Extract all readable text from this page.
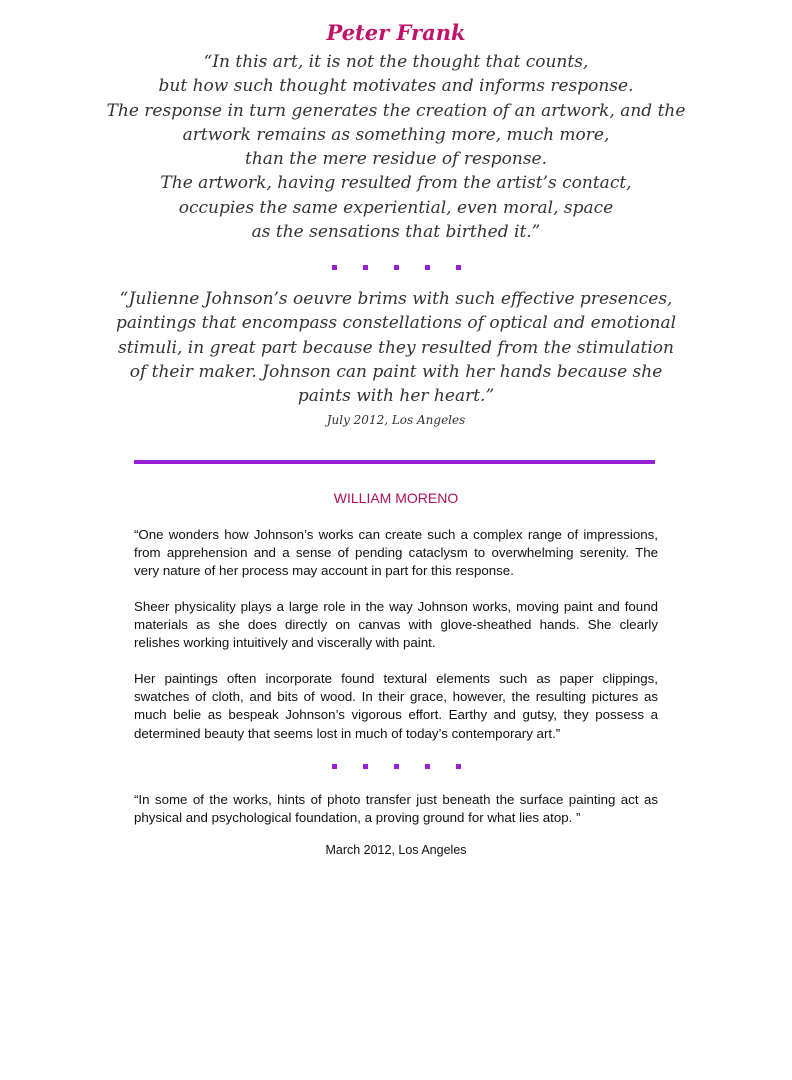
Peter Frank
“In this art, it is not the thought that counts,
but how such thought motivates and informs response.
The response in turn generates the creation of an artwork, and the
artwork remains as something more, much more,
than the mere residue of response.
The artwork, having resulted from the artist’s contact,
occupies the same experiential, even moral, space
as the sensations that birthed it.”
“Julienne Johnson’s oeuvre brims with such effective presences,
paintings that encompass constellations of optical and emotional
stimuli, in great part because they resulted from the stimulation
of their maker. Johnson can paint with her hands because she
paints with her heart.”
July 2012, Los Angeles
WILLIAM MORENO
“One wonders how Johnson’s works can create such a complex range of impressions, from apprehension and a sense of pending cataclysm to overwhelming serenity. The very nature of her process may account in part for this response.
Sheer physicality plays a large role in the way Johnson works, moving paint and found materials as she does directly on canvas with glove-sheathed hands. She clearly relishes working intuitively and viscerally with paint.
Her paintings often incorporate found textural elements such as paper clippings, swatches of cloth, and bits of wood. In their grace, however, the resulting pictures as much belie as bespeak Johnson’s vigorous effort. Earthy and gutsy, they possess a determined beauty that seems lost in much of today’s contemporary art.”
“In some of the works, hints of photo transfer just beneath the surface painting act as physical and psychological foundation, a proving ground for what lies atop. ”
March 2012, Los Angeles
